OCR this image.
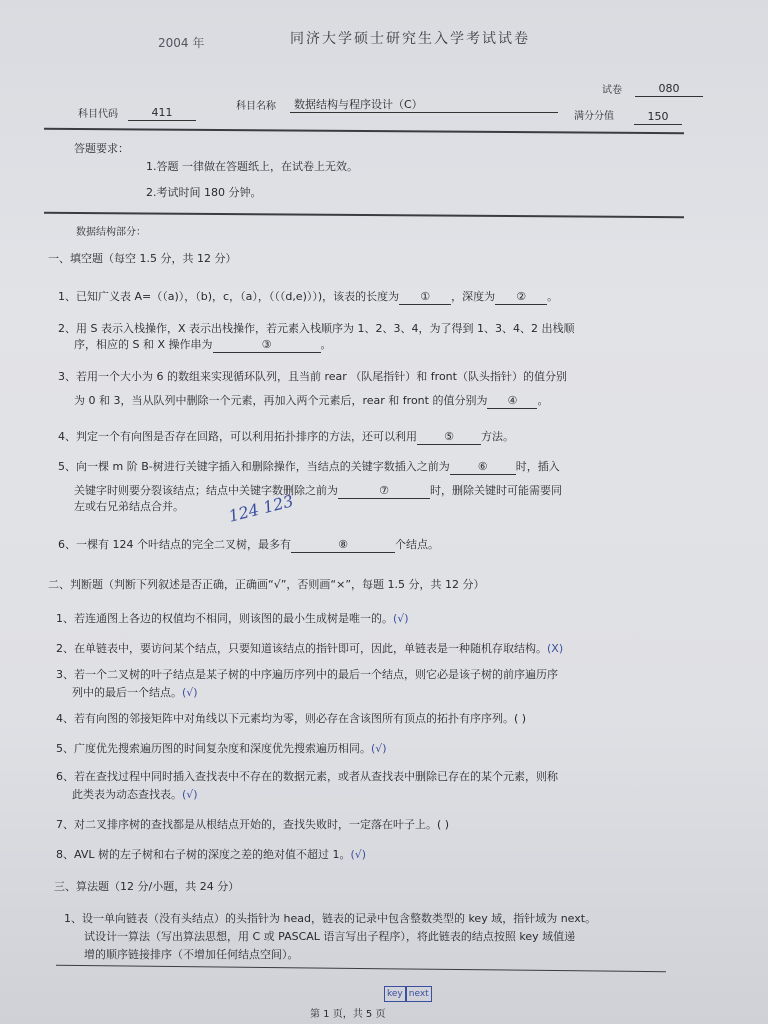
2004 年	同济大学硕士研究生入学考试试卷
试卷	080
科目代码	411	科目名称	数据结构与程序设计（C）
满分分值	150
答题要求：
1.答题 一律做在答题纸上，在试卷上无效。
2.考试时间 180 分钟。
数据结构部分：
一、填空题（每空 1.5 分，共 12 分）
1、已知广义表 A=（（a)），（b)，c，（a），（（（d,e)））)，该表的长度为 ① ，深度为 ② 。
2、用 S 表示入栈操作，X 表示出栈操作，若元素入栈顺序为 1、2、3、4，为了得到 1、3、4、2 出栈顺
序，相应的 S 和 X 操作串为	③	。
3、若用一个大小为 6 的数组来实现循环队列，且当前 rear （队尾指针）和 front（队头指针）的值分别
为 0 和 3，当从队列中删除一个元素，再加入两个元素后，rear 和 front 的值分别为 ④ 。
4、判定一个有向图是否存在回路，可以利用拓扑排序的方法，还可以利用 ⑤ 方法。
5、向一棵 m 阶 B-树进行关键字插入和删除操作，当结点的关键字数插入之前为	⑥	时，插入
关键字时则要分裂该结点；结点中关键字数删除之前为	⑦	时，删除关键时可能需要同
左或右兄弟结点合并。	124 123
6、一棵有 124 个叶结点的完全二叉树，最多有	⑧	个结点。
二、判断题（判断下列叙述是否正确，正确画“√”，否则画“×”，每题 1.5 分，共 12 分）
1、若连通图上各边的权值均不相同，则该图的最小生成树是唯一的。(√)
2、在单链表中，要访问某个结点，只要知道该结点的指针即可，因此，单链表是一种随机存取结构。(X)
3、若一个二叉树的叶子结点是某子树的中序遍历序列中的最后一个结点，则它必是该子树的前序遍历序
列中的最后一个结点。(√)
4、若有向图的邻接矩阵中对角线以下元素均为零，则必存在含该图所有顶点的拓扑有序序列。( )
5、广度优先搜索遍历图的时间复杂度和深度优先搜索遍历相同。(√)
6、若在查找过程中同时插入查找表中不存在的数据元素，或者从查找表中删除已存在的某个元素，则称
此类表为动态查找表。(√)
7、对二叉排序树的查找都是从根结点开始的，查找失败时，一定落在叶子上。( )
8、AVL 树的左子树和右子树的深度之差的绝对值不超过 1。(√)
三、算法题（12 分/小题，共 24 分）
1、设一单向链表（没有头结点）的头指针为 head，链表的记录中包含整数类型的 key 域，指针域为 next。
试设计一算法（写出算法思想，用 C 或 PASCAL 语言写出子程序），将此链表的结点按照 key 域值递
增的顺序链接排序（不增加任何结点空间）。
key next
第 1 页，共 5 页
